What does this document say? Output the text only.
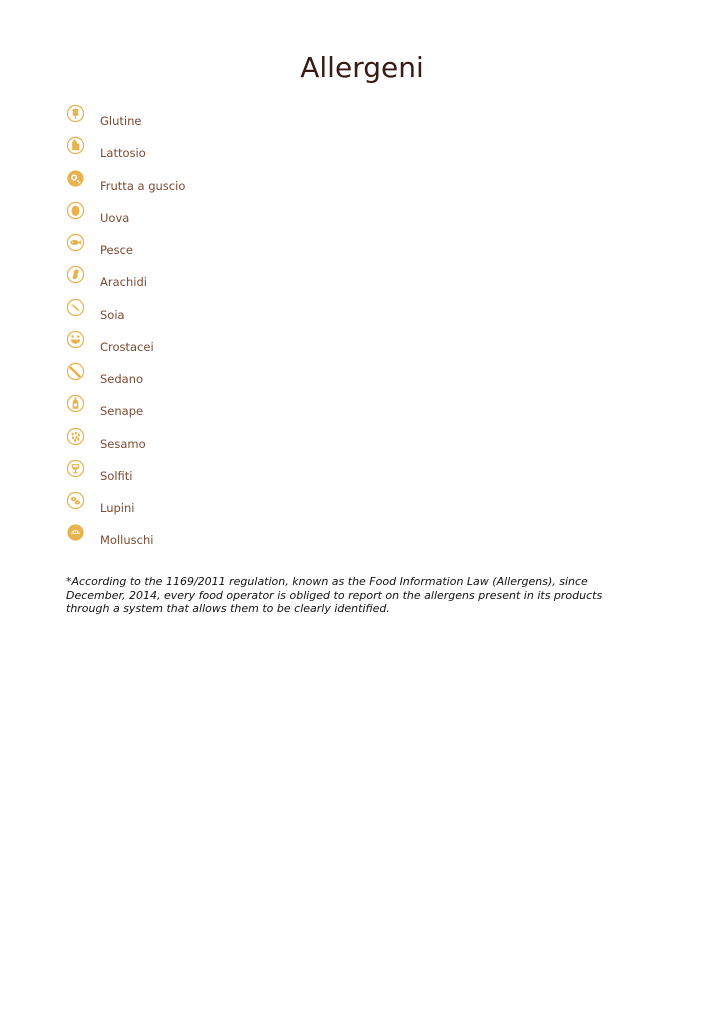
Allergeni
Glutine
Lattosio
Frutta a guscio
Uova
Pesce
Arachidi
Soia
Crostacei
Sedano
Senape
Sesamo
Solfiti
Lupini
Molluschi

*According to the 1169/2011 regulation, known as the Food Information Law (Allergens), since December, 2014, every food operator is obliged to report on the allergens present in its products through a system that allows them to be clearly identified.
